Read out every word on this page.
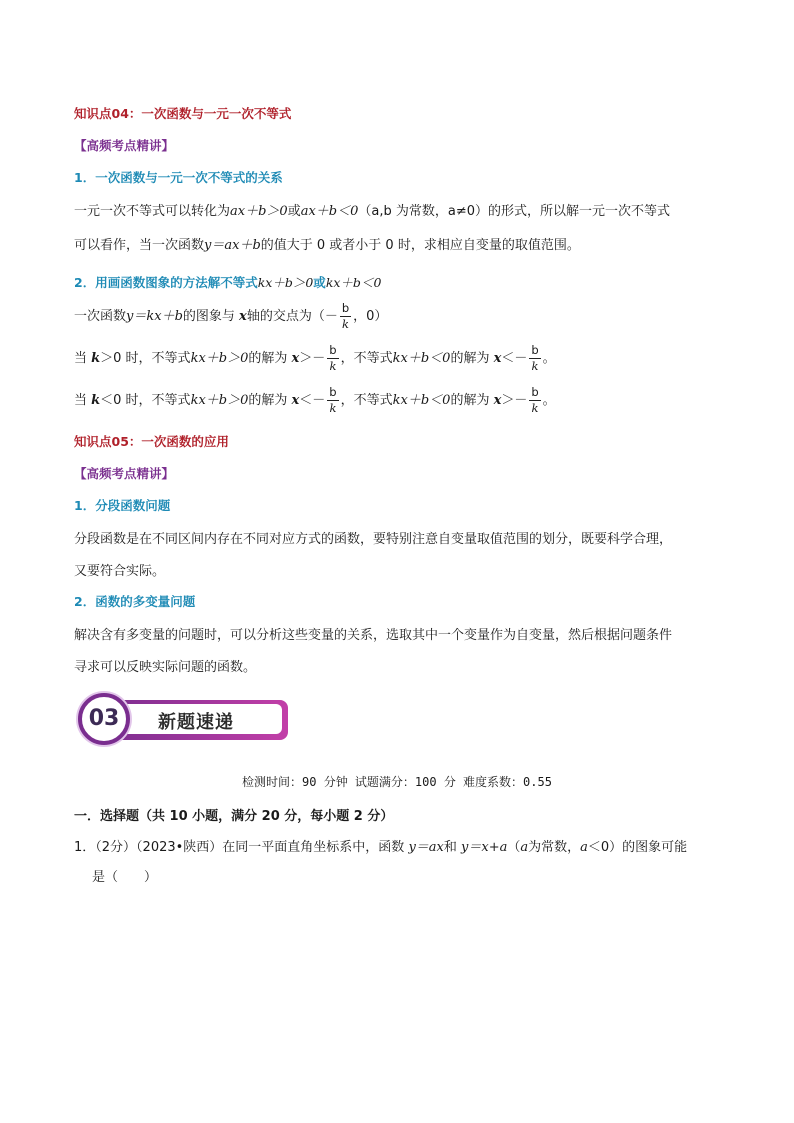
知识点04：一次函数与一元一次不等式
【高频考点精讲】
1．一次函数与一元一次不等式的关系
一元一次不等式可以转化为ax＋b＞0或ax＋b＜0（a,b 为常数，a≠0）的形式，所以解一元一次不等式
可以看作，当一次函数y＝ax＋b的值大于 0 或者小于 0 时，求相应自变量的取值范围。
2．用画函数图象的方法解不等式kx＋b＞0或kx＋b＜0
一次函数y＝kx＋b的图象与 x轴的交点为（－ $\frac{b}{k}$ ，0）
当 k＞0 时，不等式kx＋b＞0的解为 $x>- \frac{b}{k}$ ，不等式kx＋b＜0的解为 $x<- \frac{b}{k}$ 。
当 k＜0 时，不等式kx＋b＞0的解为 $x<- \frac{b}{k}$ ，不等式kx＋b＜0的解为 $x>- \frac{b}{k}$ 。
知识点05：一次函数的应用
【高频考点精讲】
1．分段函数问题
分段函数是在不同区间内存在不同对应方式的函数，要特别注意自变量取值范围的划分，既要科学合理，
又要符合实际。
2．函数的多变量问题
解决含有多变量的问题时，可以分析这些变量的关系，选取其中一个变量作为自变量，然后根据问题条件
寻求可以反映实际问题的函数。
新题速递
03
检测时间：90 分钟 试题满分：100 分 难度系数：0.55
一．选择题（共 10 小题，满分 20 分，每小题 2 分）
1．（2分）（2023•陕西）在同一平面直角坐标系中，函数 y＝ax和 y＝x+a（a为常数，a＜0）的图象可能
是（　　）
